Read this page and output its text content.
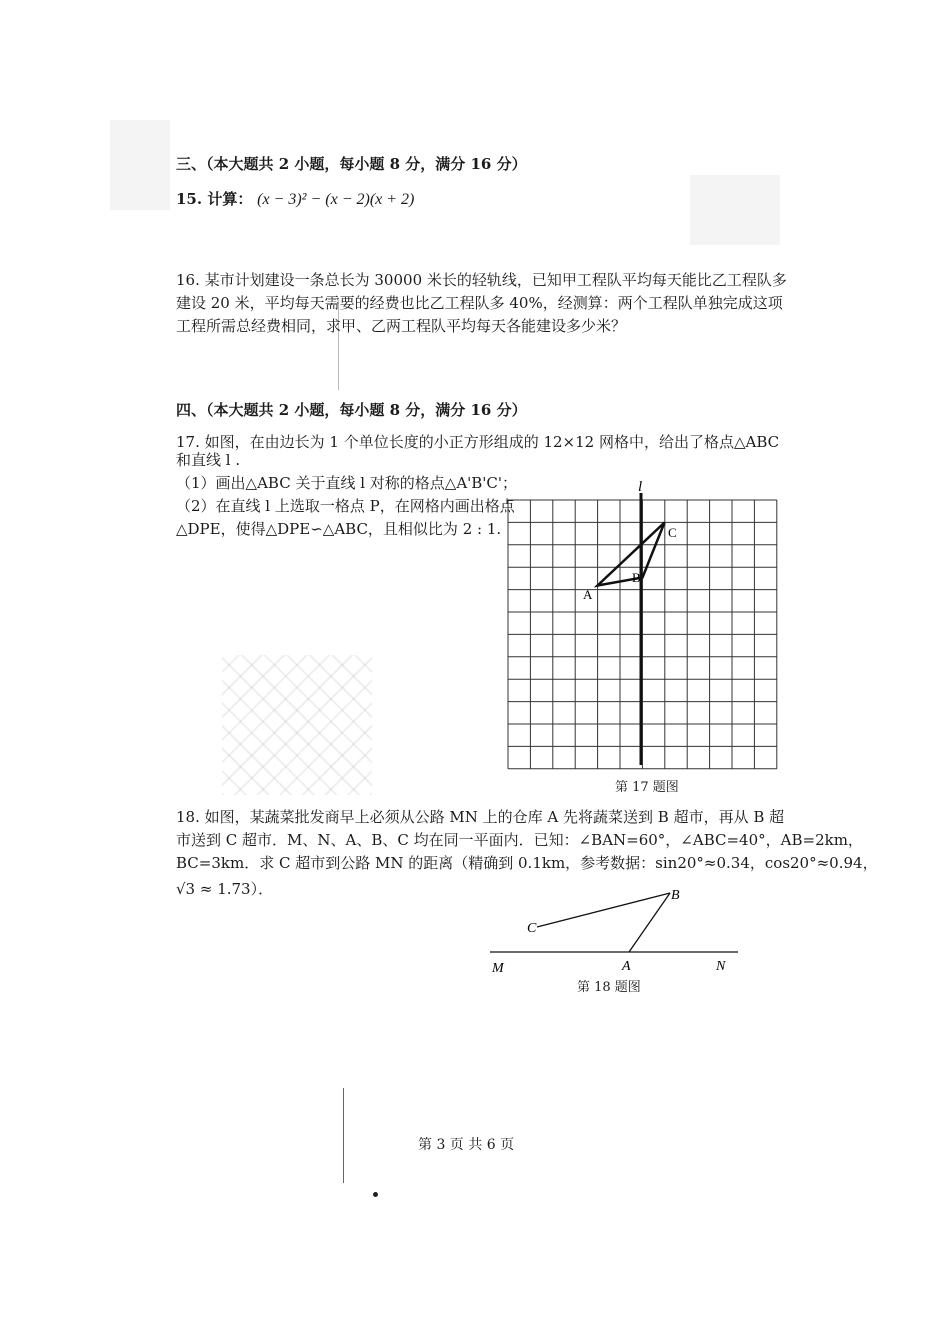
三、（本大题共 2 小题，每小题 8 分，满分 16 分）
15. 计算： (x − 3)² − (x − 2)(x + 2)
16. 某市计划建设一条总长为 30000 米长的轻轨线，已知甲工程队平均每天能比乙工程队多
建设 20 米，平均每天需要的经费也比乙工程队多 40%，经测算：两个工程队单独完成这项
工程所需总经费相同，求甲、乙两工程队平均每天各能建设多少米？
四、（本大题共 2 小题，每小题 8 分，满分 16 分）
17. 如图，在由边长为 1 个单位长度的小正方形组成的 12×12 网格中，给出了格点△ABC
和直线 l .
（1）画出△ABC 关于直线 l 对称的格点△A'B'C'；
（2）在直线 l 上选取一格点 P，在网格内画出格点
△DPE，使得△DPE∽△ABC，且相似比为 2 : 1.
l
A
B
C
第 17 题图
18. 如图，某蔬菜批发商早上必须从公路 MN 上的仓库 A 先将蔬菜送到 B 超市，再从 B 超
市送到 C 超市．M、N、A、B、C 均在同一平面内．已知：∠BAN=60°，∠ABC=40°，AB=2km，
BC=3km．求 C 超市到公路 MN 的距离（精确到 0.1km，参考数据：sin20°≈0.34，cos20°≈0.94，
√3 ≈ 1.73）．
M	A	N
B
C
第 18 题图
第 3 页 共 6 页
